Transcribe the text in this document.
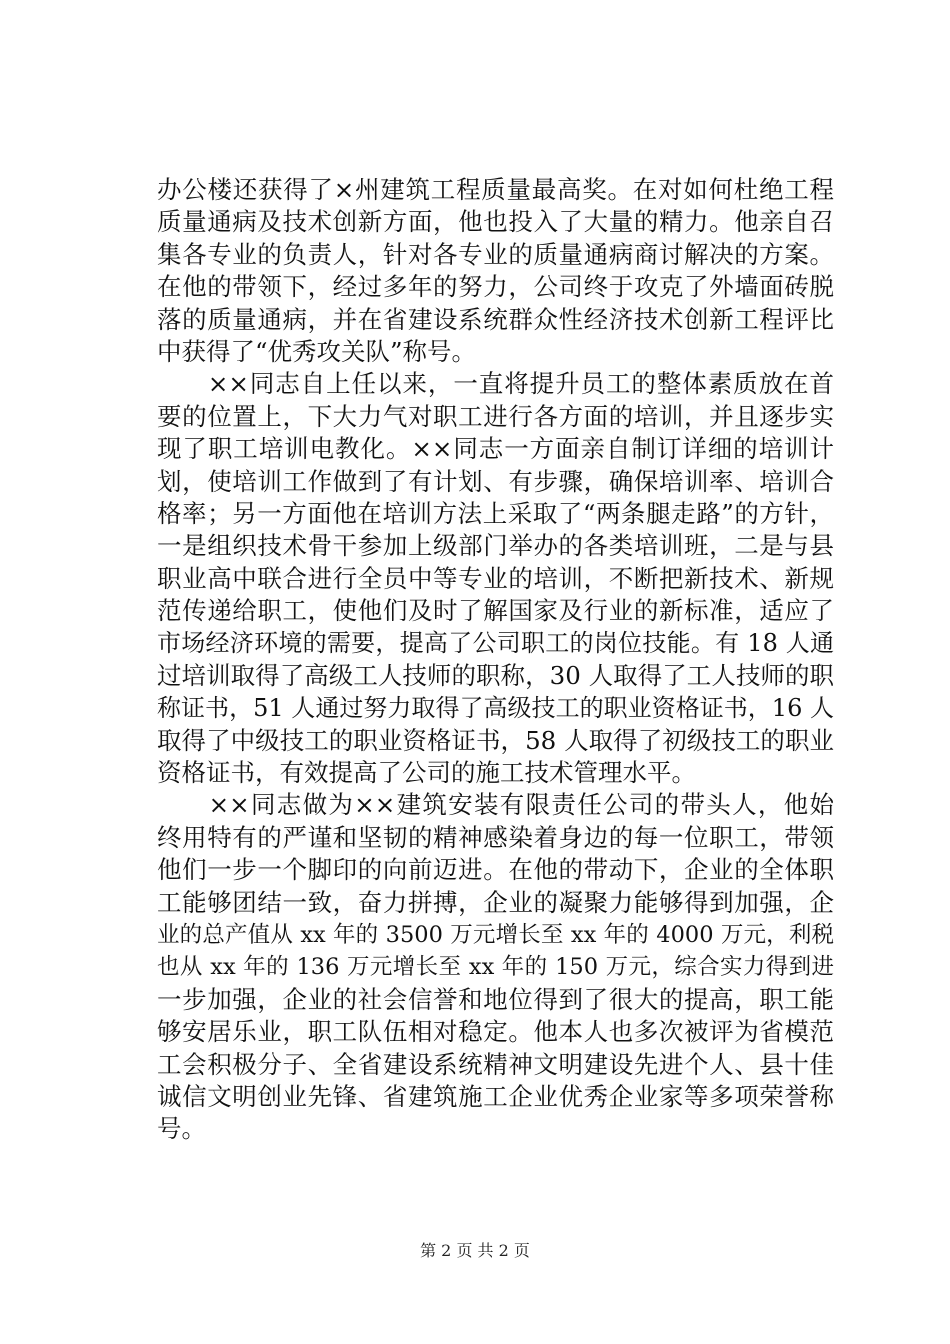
办公楼还获得了×州建筑工程质量最高奖。在对如何杜绝工程
质量通病及技术创新方面，他也投入了大量的精力。他亲自召
集各专业的负责人，针对各专业的质量通病商讨解决的方案。
在他的带领下，经过多年的努力，公司终于攻克了外墙面砖脱
落的质量通病，并在省建设系统群众性经济技术创新工程评比
中获得了“优秀攻关队”称号。
　　××同志自上任以来，一直将提升员工的整体素质放在首
要的位置上，下大力气对职工进行各方面的培训，并且逐步实
现了职工培训电教化。××同志一方面亲自制订详细的培训计
划，使培训工作做到了有计划、有步骤，确保培训率、培训合
格率；另一方面他在培训方法上采取了“两条腿走路”的方针，
一是组织技术骨干参加上级部门举办的各类培训班，二是与县
职业高中联合进行全员中等专业的培训，不断把新技术、新规
范传递给职工，使他们及时了解国家及行业的新标准，适应了
市场经济环境的需要，提高了公司职工的岗位技能。有 18 人通
过培训取得了高级工人技师的职称，30 人取得了工人技师的职
称证书，51 人通过努力取得了高级技工的职业资格证书，16 人
取得了中级技工的职业资格证书，58 人取得了初级技工的职业
资格证书，有效提高了公司的施工技术管理水平。
　　××同志做为××建筑安装有限责任公司的带头人，他始
终用特有的严谨和坚韧的精神感染着身边的每一位职工，带领
他们一步一个脚印的向前迈进。在他的带动下，企业的全体职
工能够团结一致，奋力拼搏，企业的凝聚力能够得到加强，企
业的总产值从 xx 年的 3500 万元增长至 xx 年的 4000 万元，利税
也从 xx 年的 136 万元增长至 xx 年的 150 万元，综合实力得到进
一步加强，企业的社会信誉和地位得到了很大的提高，职工能
够安居乐业，职工队伍相对稳定。他本人也多次被评为省模范
工会积极分子、全省建设系统精神文明建设先进个人、县十佳
诚信文明创业先锋、省建筑施工企业优秀企业家等多项荣誉称
号。
第 2 页 共 2 页
